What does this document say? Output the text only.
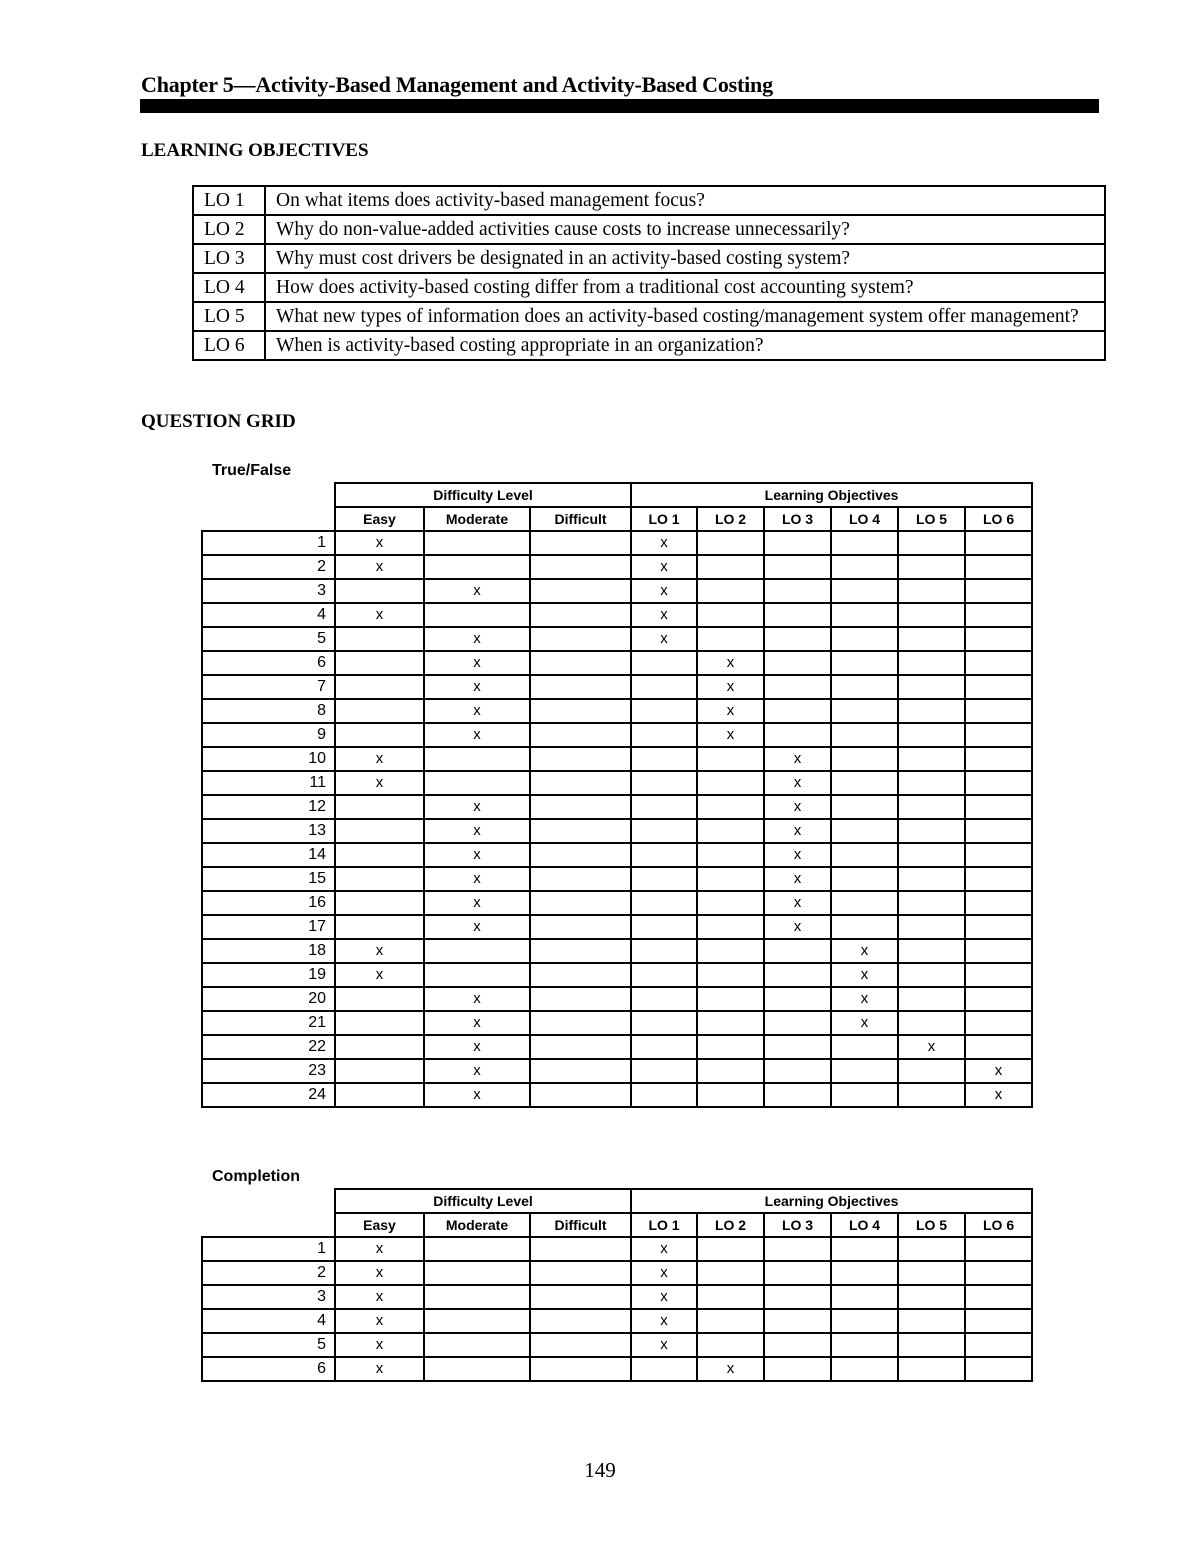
Chapter 5—Activity-Based Management and Activity-Based Costing
LEARNING OBJECTIVES
LO 1	On what items does activity-based management focus?
LO 2	Why do non-value-added activities cause costs to increase unnecessarily?
LO 3	Why must cost drivers be designated in an activity-based costing system?
LO 4	How does activity-based costing differ from a traditional cost accounting system?
LO 5	What new types of information does an activity-based costing/management system offer management?
LO 6	When is activity-based costing appropriate in an organization?
QUESTION GRID
True/False
	Difficulty Level			Learning Objectives					
	Easy	Moderate	Difficult	LO 1	LO 2	LO 3	LO 4	LO 5	LO 6
1	x			x					
2	x			x					
3		x		x					
4	x			x					
5		x		x					
6		x			x				
7		x			x				
8		x			x				
9		x			x				
10	x					x			
11	x					x			
12		x				x			
13		x				x			
14		x				x			
15		x				x			
16		x				x			
17		x				x			
18	x						x		
19	x						x		
20		x					x		
21		x					x		
22		x						x	
23		x							x
24		x							x
Completion
	Difficulty Level			Learning Objectives					
	Easy	Moderate	Difficult	LO 1	LO 2	LO 3	LO 4	LO 5	LO 6
1	x			x					
2	x			x					
3	x			x					
4	x			x					
5	x			x					
6	x				x				
149
